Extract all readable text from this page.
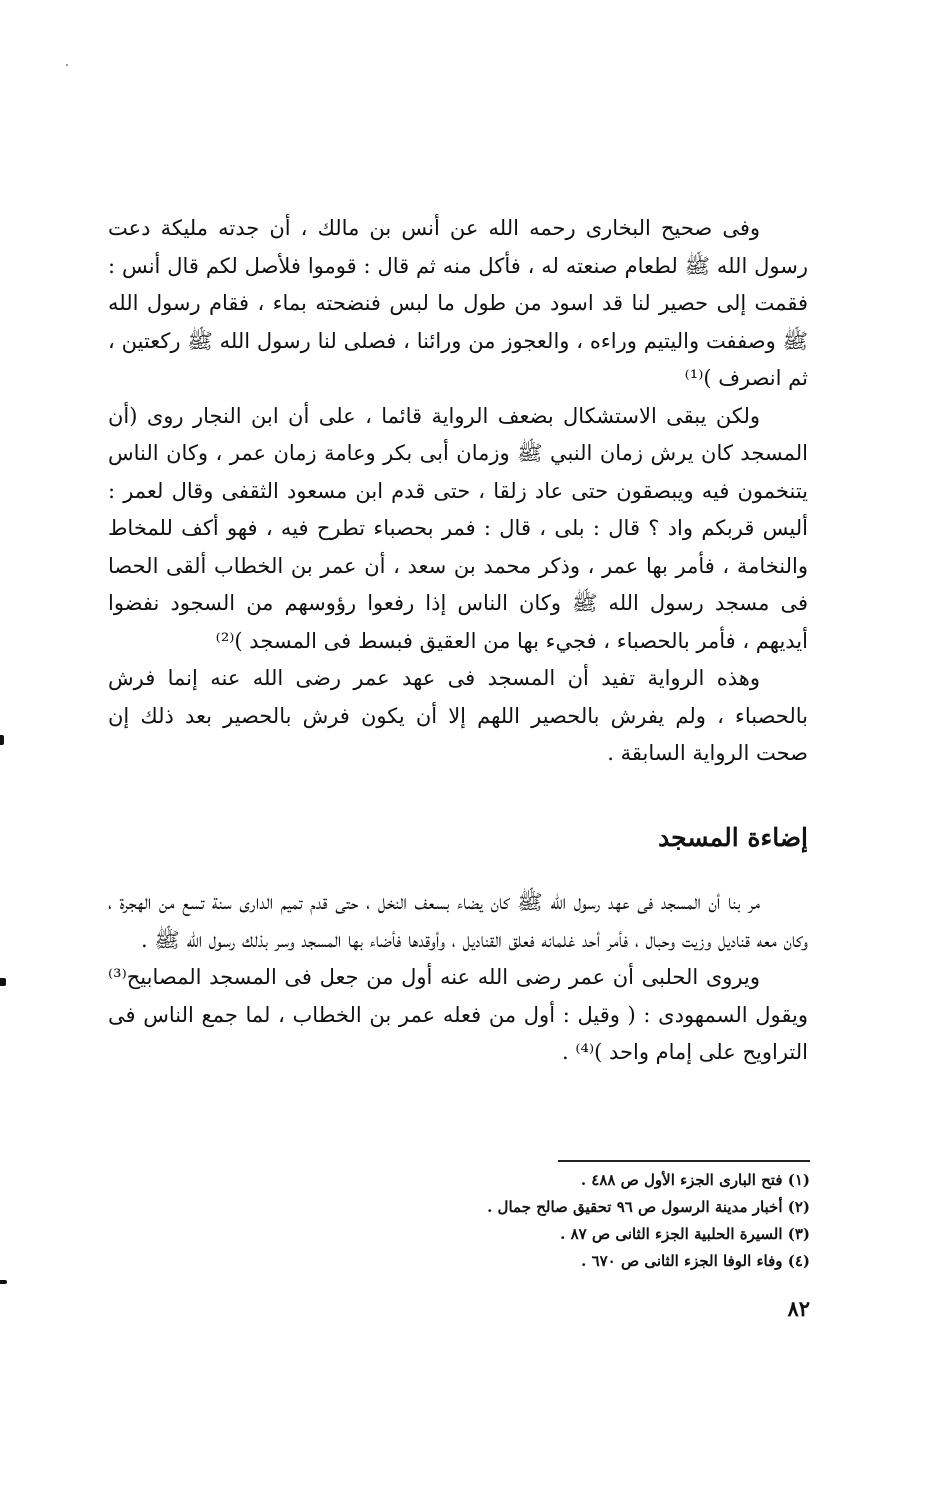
وفى صحيح البخارى رحمه الله عن أنس بن مالك ، أن جدته مليكة دعت رسول الله ﷺ لطعام صنعته له ، فأكل منه ثم قال : قوموا فلأصل لكم قال أنس : فقمت إلى حصير لنا قد اسود من طول ما لبس فنضحته بماء ، فقام رسول الله ﷺ وصففت واليتيم وراءه ، والعجوز من ورائنا ، فصلى لنا رسول الله ﷺ ركعتين ، ثم انصرف )⁽¹⁾

ولكن يبقى الاستشكال بضعف الرواية قائما ، على أن ابن النجار روى (أن المسجد كان يرش زمان النبي ﷺ وزمان أبى بكر وعامة زمان عمر ، وكان الناس يتنخمون فيه ويبصقون حتى عاد زلقا ، حتى قدم ابن مسعود الثقفى وقال لعمر : أليس قربكم واد ؟ قال : بلى ، قال : فمر بحصباء تطرح فيه ، فهو أكف للمخاط والنخامة ، فأمر بها عمر ، وذكر محمد بن سعد ، أن عمر بن الخطاب ألقى الحصا فى مسجد رسول الله ﷺ وكان الناس إذا رفعوا رؤوسهم من السجود نفضوا أيديهم ، فأمر بالحصباء ، فجيء بها من العقيق فبسط فى المسجد )⁽²⁾

وهذه الرواية تفيد أن المسجد فى عهد عمر رضى الله عنه إنما فرش بالحصباء ، ولم يفرش بالحصير اللهم إلا أن يكون فرش بالحصير بعد ذلك إن صحت الرواية السابقة .

إضاءة المسجد

مر بنا أن المسجد فى عهد رسول الله ﷺ كان يضاء بسعف النخل ، حتى قدم تميم الدارى سنة تسع من الهجرة ، وكان معه قناديل وزيت وحبال ، فأمر أحد غلمانه فعلق القناديل ، وأوقدها فأضاء بها المسجد وسر بذلك رسول الله ﷺ .

ويروى الحلبى أن عمر رضى الله عنه أول من جعل فى المسجد المصابيح⁽³⁾ ويقول السمهودى : ( وقيل : أول من فعله عمر بن الخطاب ، لما جمع الناس فى التراويح على إمام واحد )⁽⁴⁾ .

(١) فتح البارى الجزء الأول ص ٤٨٨ .
(٢) أخبار مدينة الرسول ص ٩٦ تحقيق صالح جمال .
(٣) السيرة الحلبية الجزء الثانى ص ٨٧ .
(٤) وفاء الوفا الجزء الثانى ص ٦٧٠ .
٨٢
